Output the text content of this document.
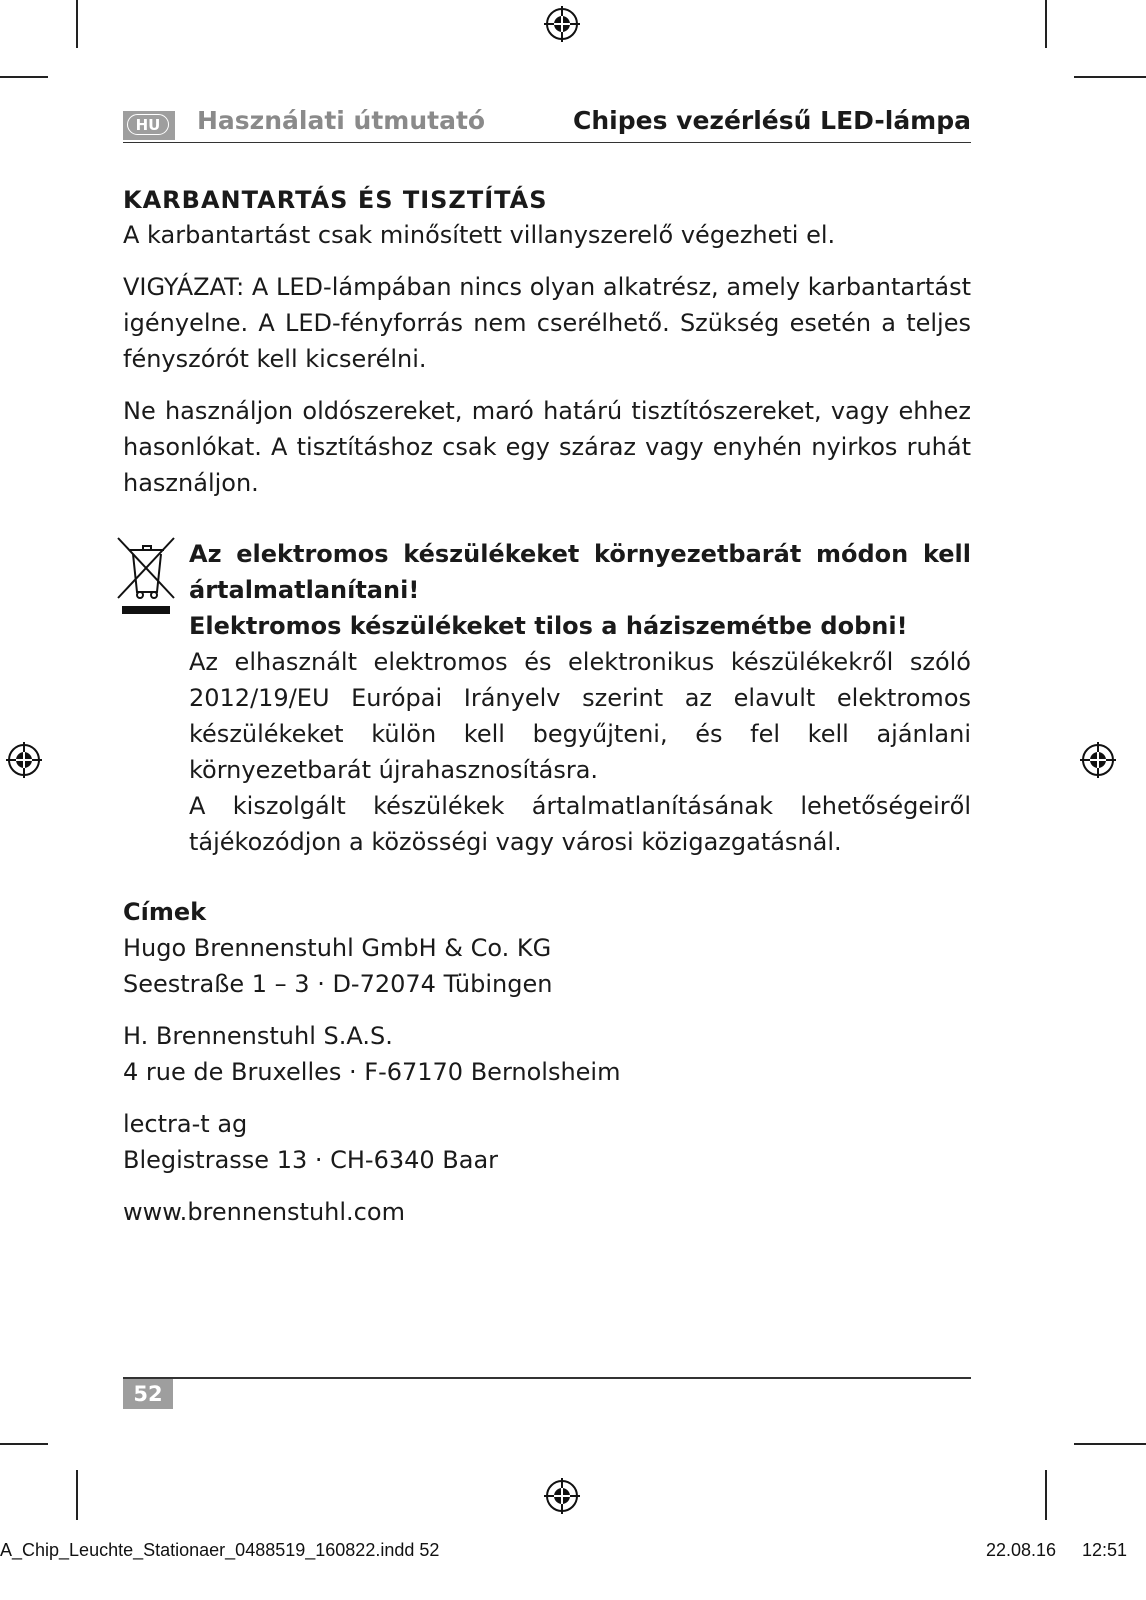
HU	Használati útmutató	Chipes vezérlésű LED-lámpa
KARBANTARTÁS ÉS TISZTÍTÁS

A karbantartást csak minősített villanyszerelő végezheti el.

VIGYÁZAT: A LED-lámpában nincs olyan alkatrész, amely karbantartást igényelne. A LED-fényforrás nem cserélhető. Szükség esetén a teljes fényszórót kell kicserélni.

Ne használjon oldószereket, maró határú tisztítószereket, vagy ehhez hasonlókat. A tisztításhoz csak egy száraz vagy enyhén nyirkos ruhát használjon.

Az elektromos készülékeket környezetbarát módon kell ártalmatlanítani!

Elektromos készülékeket tilos a háziszemétbe dobni!

Az elhasznált elektromos és elektronikus készülékekről szóló 2012/19/EU Európai Irányelv szerint az elavult elektromos készülékeket külön kell begyűjteni, és fel kell ajánlani környezetbarát újrahasznosításra.

A kiszolgált készülékek ártalmatlanításának lehetőségeiről tájékozódjon a közösségi vagy városi közigazgatásnál.

Címek

Hugo Brennenstuhl GmbH & Co. KG

Seestraße 1 – 3 · D-72074 Tübingen

H. Brennenstuhl S.A.S.

4 rue de Bruxelles · F-67170 Bernolsheim

lectra-t ag

Blegistrasse 13 · CH-6340 Baar

www.brennenstuhl.com

52
A_Chip_Leuchte_Stationaer_0488519_160822.indd 52	22.08.16 12:51
